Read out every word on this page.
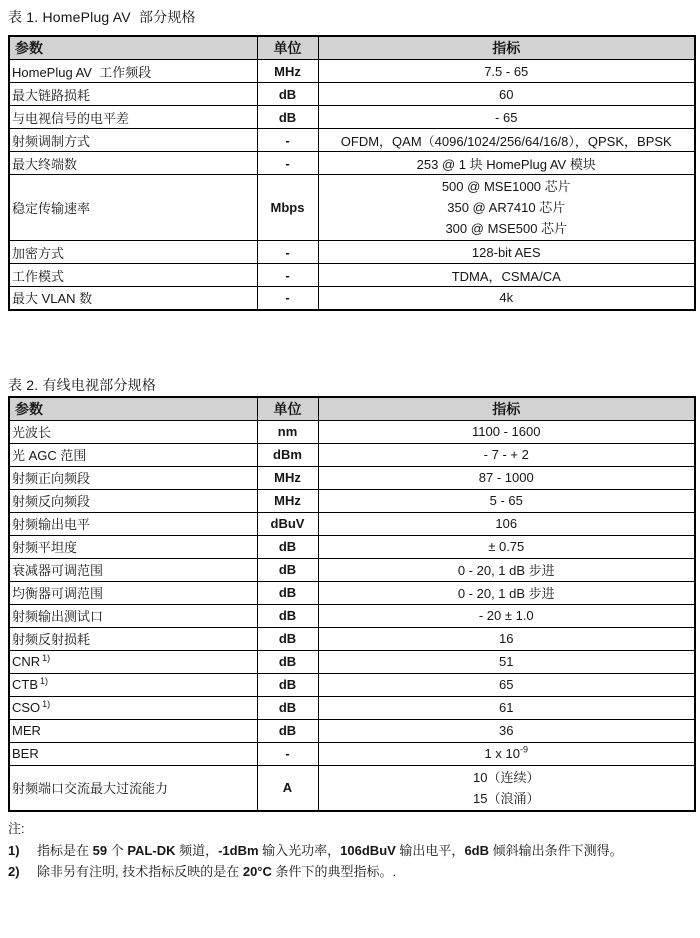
表 1. HomePlug AV  部分规格
参数	单位	指标
HomePlug AV  工作频段	MHz	7.5 - 65
最大链路损耗	dB	60
与电视信号的电平差	dB	- 65
射频调制方式	-	OFDM，QAM（4096/1024/256/64/16/8），QPSK，BPSK
最大终端数	-	253 @ 1 块 HomePlug AV 模块
稳定传输速率	Mbps	500 @ MSE1000 芯片
350 @ AR7410 芯片
300 @ MSE500 芯片

加密方式	-	128-bit AES
工作模式	-	TDMA，CSMA/CA
最大 VLAN 数	-	4k
表 2. 有线电视部分规格
参数	单位	指标
光波长	nm	1100 - 1600
光 AGC 范围	dBm	- 7 - + 2
射频正向频段	MHz	87 - 1000
射频反向频段	MHz	5 - 65
射频输出电平	dBuV	106
射频平坦度	dB	± 0.75
衰减器可调范围	dB	0 - 20, 1 dB 步进
均衡器可调范围	dB	0 - 20, 1 dB 步进
射频输出测试口	dB	- 20 ± 1.0
射频反射损耗	dB	16
CNR $^{1)}$	dB	51
CTB $^{1)}$	dB	65
CSO $^{1)}$	dB	61
MER	dB	36
BER	-	1 x $10^{-9}$
射频端口交流最大过流能力	A	10（连续）
15（浪涌）
注:
1)	指标是在 59 个 PAL-DK 频道，-1dBm 输入光功率，106dBuV 输出电平，6dB 倾斜输出条件下测得。
2)	除非另有注明, 技术指标反映的是在 20°C 条件下的典型指标。.
